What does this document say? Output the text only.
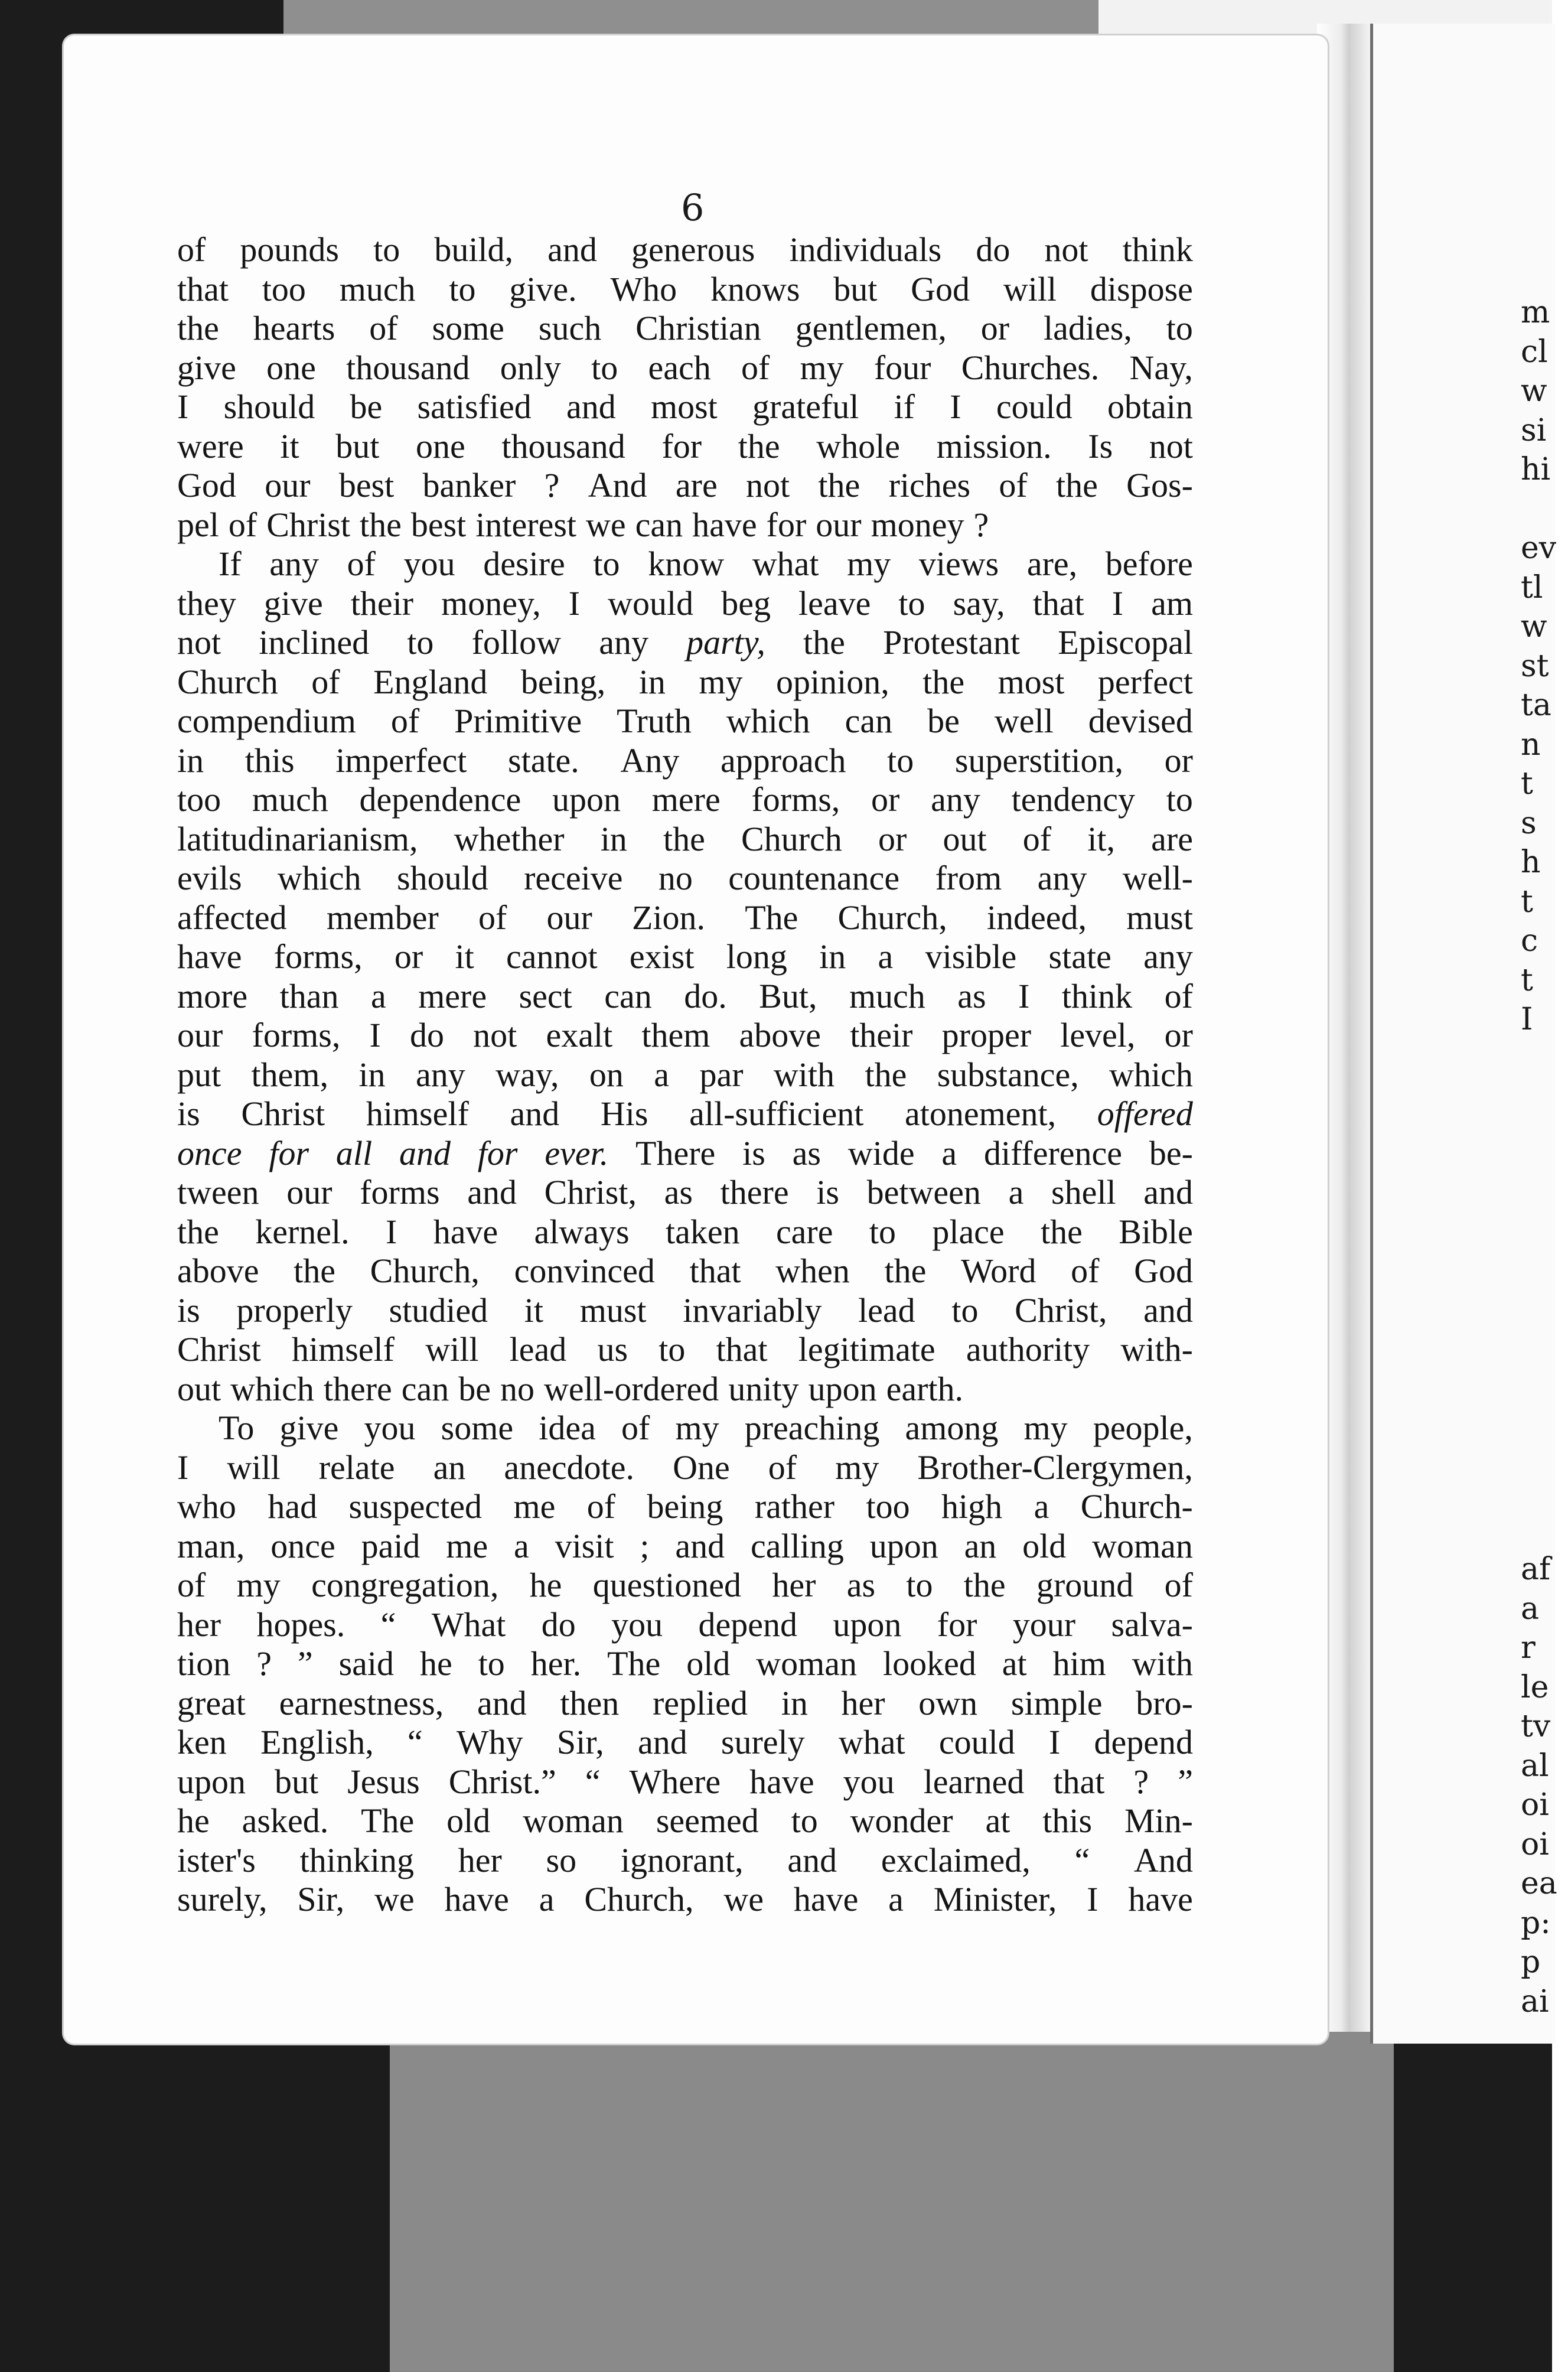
m
cl
w
si
hi
ev
tl
w
st
ta
n
t
s
h
t
c
t
I
af
a
r
le
tv
al
oi
oi
ea
p:
p
ai
6
of pounds to build, and generous individuals do not think
that too much to give. Who knows but God will dispose
the hearts of some such Christian gentlemen, or ladies, to
give one thousand only to each of my four Churches. Nay,
I should be satisfied and most grateful if I could obtain
were it but one thousand for the whole mission. Is not
God our best banker ? And are not the riches of the Gos-
pel of Christ the best interest we can have for our money ?
If any of you desire to know what my views are, before
they give their money, I would beg leave to say, that I am
not inclined to follow any party, the Protestant Episcopal
Church of England being, in my opinion, the most perfect
compendium of Primitive Truth which can be well devised
in this imperfect state. Any approach to superstition, or
too much dependence upon mere forms, or any tendency to
latitudinarianism, whether in the Church or out of it, are
evils which should receive no countenance from any well-
affected member of our Zion. The Church, indeed, must
have forms, or it cannot exist long in a visible state any
more than a mere sect can do. But, much as I think of
our forms, I do not exalt them above their proper level, or
put them, in any way, on a par with the substance, which
is Christ himself and His all-sufficient atonement, offered
once for all and for ever. There is as wide a difference be-
tween our forms and Christ, as there is between a shell and
the kernel. I have always taken care to place the Bible
above the Church, convinced that when the Word of God
is properly studied it must invariably lead to Christ, and
Christ himself will lead us to that legitimate authority with-
out which there can be no well-ordered unity upon earth.
To give you some idea of my preaching among my people,
I will relate an anecdote. One of my Brother-Clergymen,
who had suspected me of being rather too high a Church-
man, once paid me a visit ; and calling upon an old woman
of my congregation, he questioned her as to the ground of
her hopes. “ What do you depend upon for your salva-
tion ? ” said he to her. The old woman looked at him with
great earnestness, and then replied in her own simple bro-
ken English, “ Why Sir, and surely what could I depend
upon but Jesus Christ.” “ Where have you learned that ? ”
he asked. The old woman seemed to wonder at this Min-
ister's thinking her so ignorant, and exclaimed, “ And
surely, Sir, we have a Church, we have a Minister, I have
